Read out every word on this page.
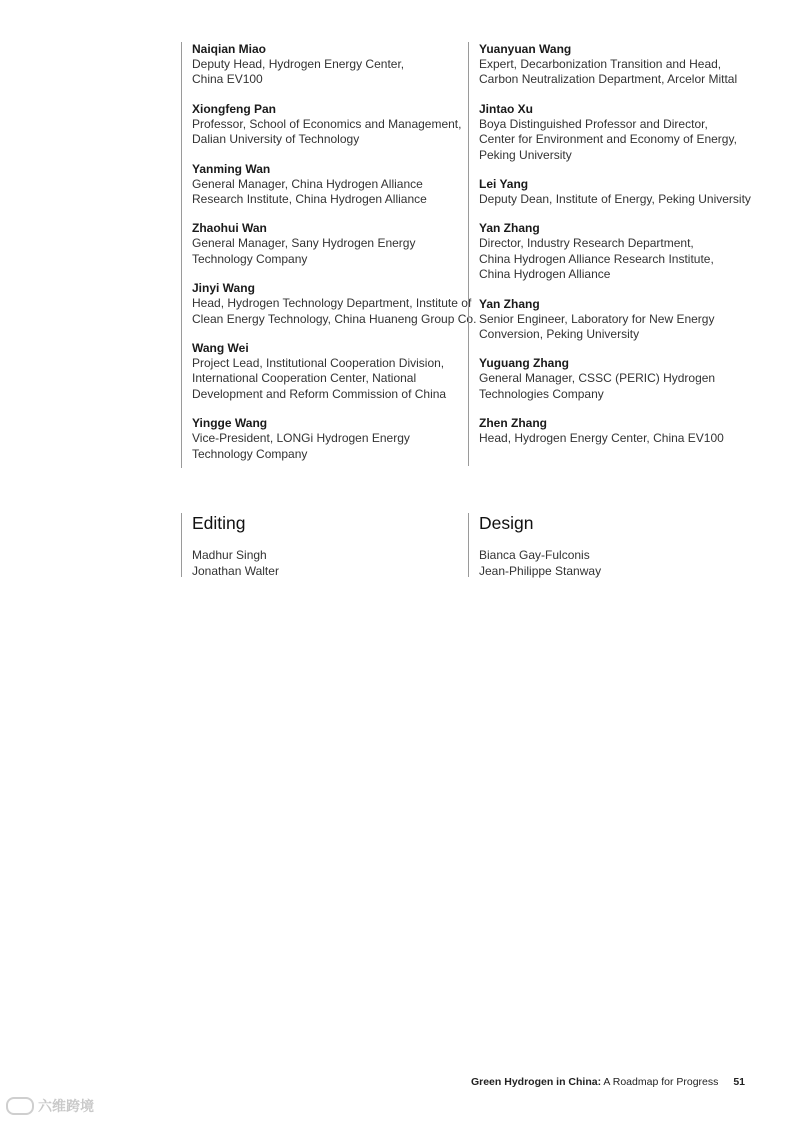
Naiqian Miao
Deputy Head, Hydrogen Energy Center,
China EV100
Xiongfeng Pan
Professor, School of Economics and Management,
Dalian University of Technology
Yanming Wan
General Manager, China Hydrogen Alliance
Research Institute, China Hydrogen Alliance
Zhaohui Wan
General Manager, Sany Hydrogen Energy
Technology Company
Jinyi Wang
Head, Hydrogen Technology Department, Institute of
Clean Energy Technology, China Huaneng Group Co.
Wang Wei
Project Lead, Institutional Cooperation Division,
International Cooperation Center, National
Development and Reform Commission of China
Yingge Wang
Vice-President, LONGi Hydrogen Energy
Technology Company
Yuanyuan Wang
Expert, Decarbonization Transition and Head,
Carbon Neutralization Department, Arcelor Mittal
Jintao Xu
Boya Distinguished Professor and Director,
Center for Environment and Economy of Energy,
Peking University
Lei Yang
Deputy Dean, Institute of Energy, Peking University
Yan Zhang
Director, Industry Research Department,
China Hydrogen Alliance Research Institute,
China Hydrogen Alliance
Yan Zhang
Senior Engineer, Laboratory for New Energy
Conversion, Peking University
Yuguang Zhang
General Manager, CSSC (PERIC) Hydrogen
Technologies Company
Zhen Zhang
Head, Hydrogen Energy Center, China EV100
Editing
Madhur Singh
Jonathan Walter
Design
Bianca Gay-Fulconis
Jean-Philippe Stanway
Green Hydrogen in China: A Roadmap for Progress 51
六维跨境
